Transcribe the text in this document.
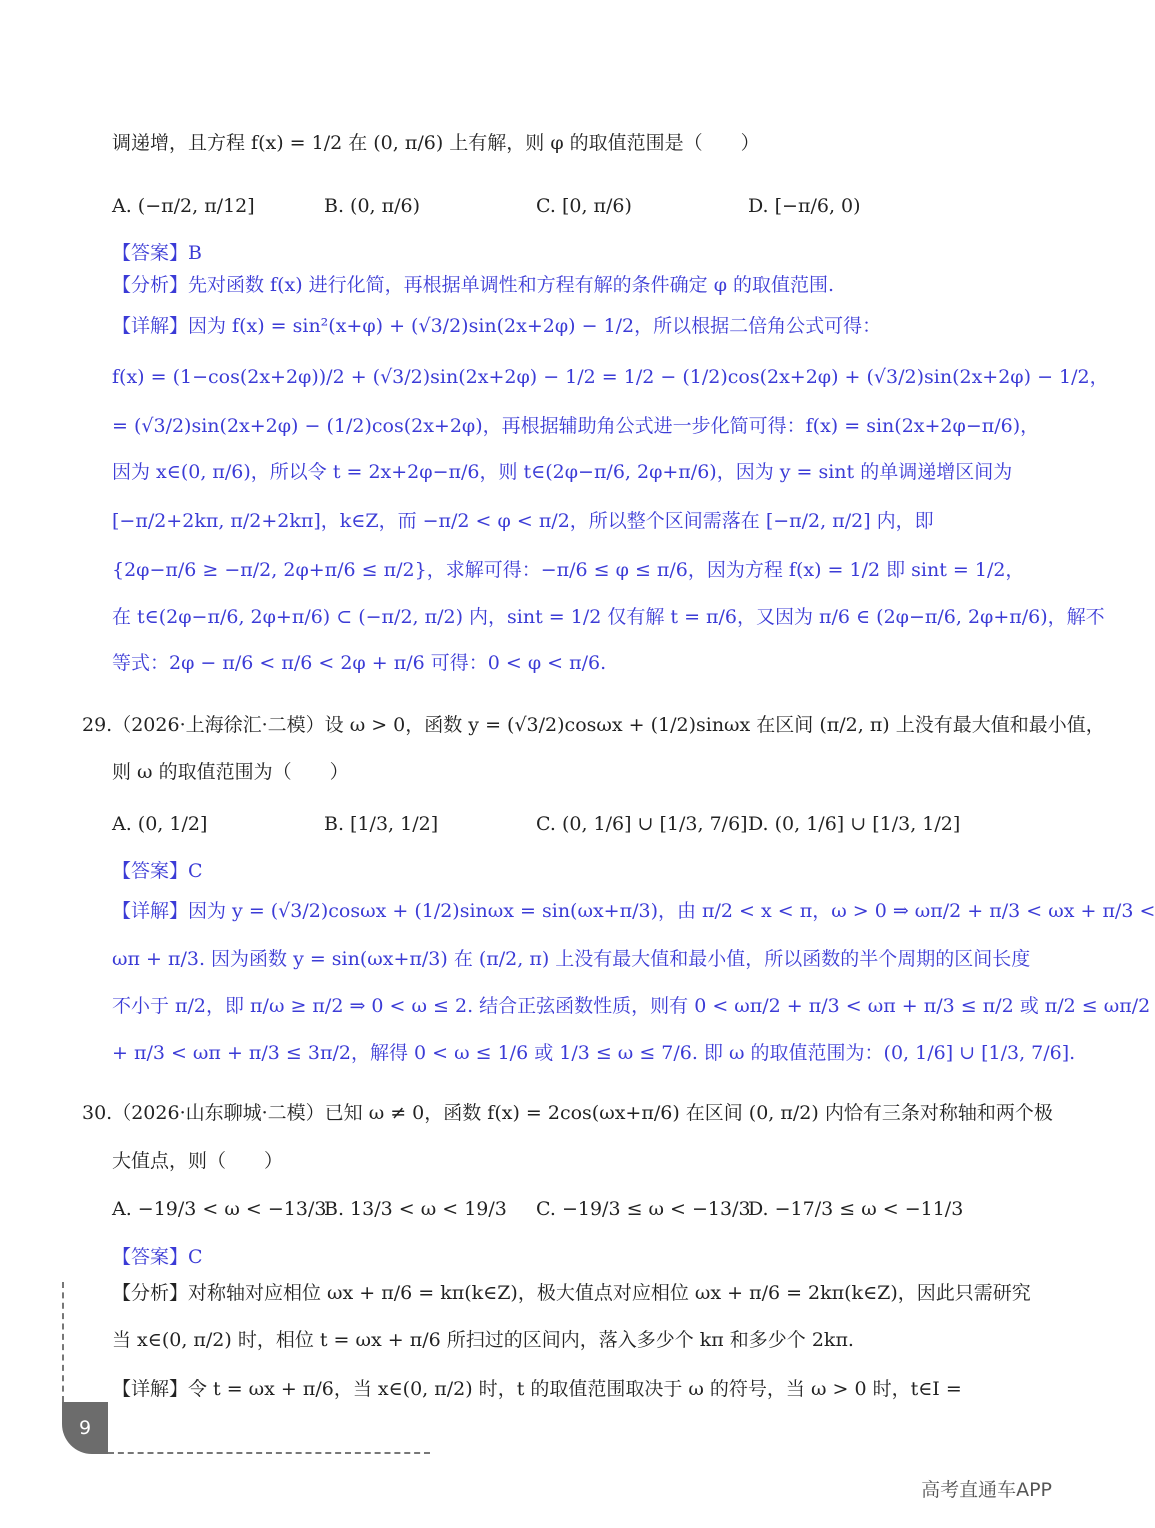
调递增，且方程 f(x) = 1/2 在 (0, π/6) 上有解，则 φ 的取值范围是（　　）
A. (−π/2, π/12]	B. (0, π/6)	C. [0, π/6)	D. [−π/6, 0)
【答案】B
【分析】先对函数 f(x) 进行化简，再根据单调性和方程有解的条件确定 φ 的取值范围.
【详解】因为 f(x) = sin²(x+φ) + (√3/2)sin(2x+2φ) − 1/2，所以根据二倍角公式可得：
f(x) = (1−cos(2x+2φ))/2 + (√3/2)sin(2x+2φ) − 1/2 = 1/2 − (1/2)cos(2x+2φ) + (√3/2)sin(2x+2φ) − 1/2，
= (√3/2)sin(2x+2φ) − (1/2)cos(2x+2φ)，再根据辅助角公式进一步化简可得：f(x) = sin(2x+2φ−π/6)，
因为 x∈(0, π/6)，所以令 t = 2x+2φ−π/6，则 t∈(2φ−π/6, 2φ+π/6)，因为 y = sint 的单调递增区间为
[−π/2+2kπ, π/2+2kπ]，k∈Z，而 −π/2 < φ < π/2，所以整个区间需落在 [−π/2, π/2] 内，即
{2φ−π/6 ≥ −π/2, 2φ+π/6 ≤ π/2}，求解可得：−π/6 ≤ φ ≤ π/6，因为方程 f(x) = 1/2 即 sint = 1/2，
在 t∈(2φ−π/6, 2φ+π/6) ⊂ (−π/2, π/2) 内，sint = 1/2 仅有解 t = π/6，又因为 π/6 ∈ (2φ−π/6, 2φ+π/6)，解不
等式：2φ − π/6 < π/6 < 2φ + π/6 可得：0 < φ < π/6.
29.（2026·上海徐汇·二模）设 ω > 0，函数 y = (√3/2)cosωx + (1/2)sinωx 在区间 (π/2, π) 上没有最大值和最小值，
则 ω 的取值范围为（　　）
A. (0, 1/2]	B. [1/3, 1/2]	C. (0, 1/6] ∪ [1/3, 7/6] D. (0, 1/6] ∪ [1/3, 1/2]
【答案】C
【详解】因为 y = (√3/2)cosωx + (1/2)sinωx = sin(ωx+π/3)，由 π/2 < x < π，ω > 0 ⇒ ωπ/2 + π/3 < ωx + π/3 <
ωπ + π/3. 因为函数 y = sin(ωx+π/3) 在 (π/2, π) 上没有最大值和最小值，所以函数的半个周期的区间长度
不小于 π/2，即 π/ω ≥ π/2 ⇒ 0 < ω ≤ 2. 结合正弦函数性质，则有 0 < ωπ/2 + π/3 < ωπ + π/3 ≤ π/2 或 π/2 ≤ ωπ/2
+ π/3 < ωπ + π/3 ≤ 3π/2，解得 0 < ω ≤ 1/6 或 1/3 ≤ ω ≤ 7/6. 即 ω 的取值范围为：(0, 1/6] ∪ [1/3, 7/6].
30.（2026·山东聊城·二模）已知 ω ≠ 0，函数 f(x) = 2cos(ωx+π/6) 在区间 (0, π/2) 内恰有三条对称轴和两个极
大值点，则（　　）
A. −19/3 < ω < −13/3
B. 13/3 < ω < 19/3 C. −19/3 ≤ ω < −13/3
D. −17/3 ≤ ω < −11/3
【答案】C
【分析】对称轴对应相位 ωx + π/6 = kπ(k∈Z)，极大值点对应相位 ωx + π/6 = 2kπ(k∈Z)，因此只需研究
当 x∈(0, π/2) 时，相位 t = ωx + π/6 所扫过的区间内，落入多少个 kπ 和多少个 2kπ.
【详解】令 t = ωx + π/6，当 x∈(0, π/2) 时，t 的取值范围取决于 ω 的符号，当 ω > 0 时，t∈I =
9
高考直通车APP
